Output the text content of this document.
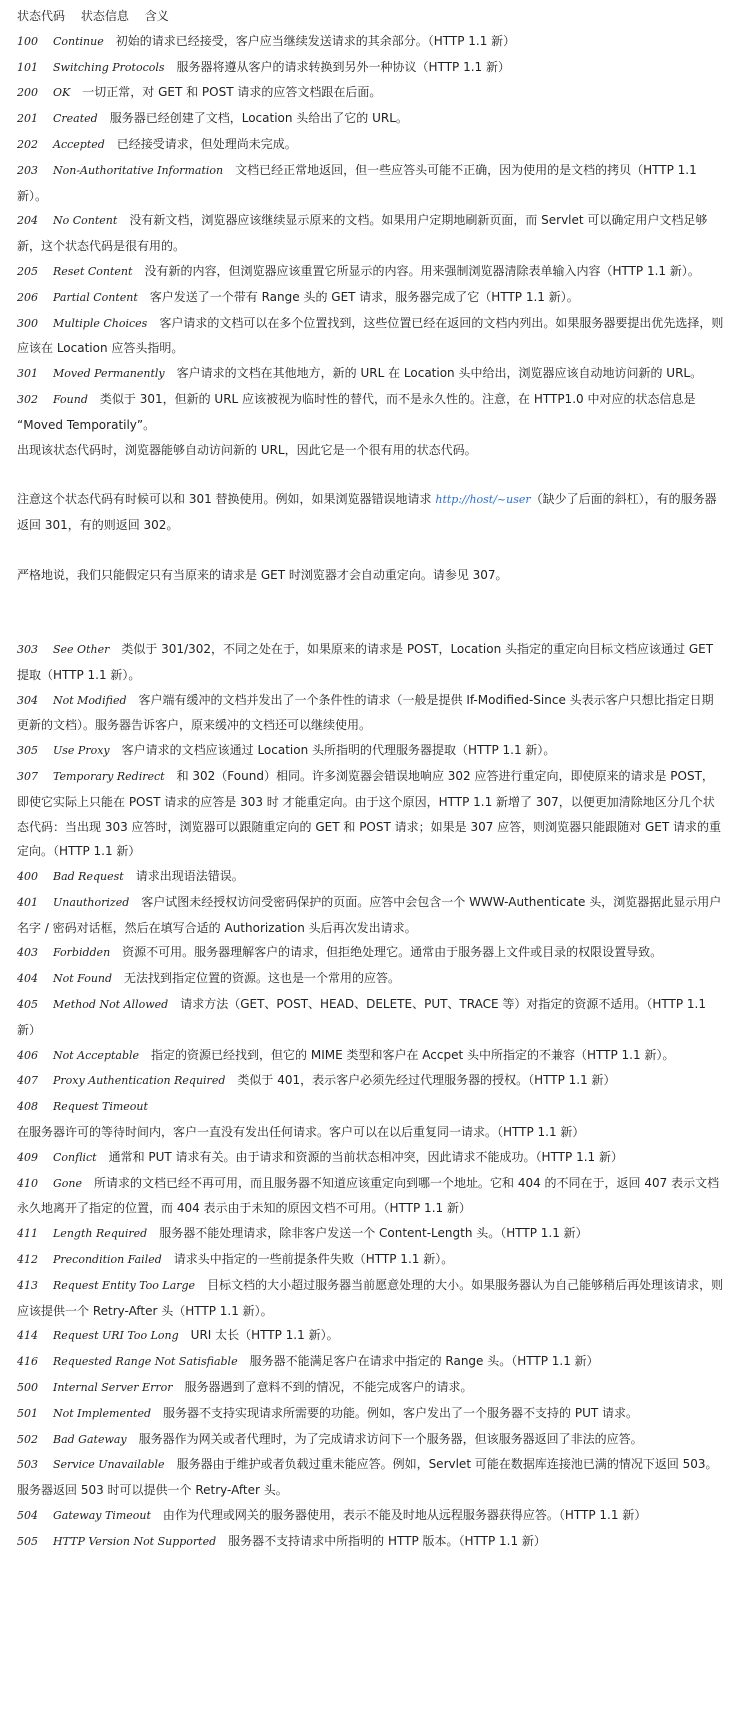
状态代码 状态信息 含义

100 Continue 初始的请求已经接受，客户应当继续发送请求的其余部分。（HTTP 1.1 新）

101 Switching Protocols 服务器将遵从客户的请求转换到另外一种协议（HTTP 1.1 新）

200 OK 一切正常，对 GET 和 POST 请求的应答文档跟在后面。

201 Created 服务器已经创建了文档，Location 头给出了它的 URL。

202 Accepted 已经接受请求，但处理尚未完成。

203 Non-Authoritative Information 文档已经正常地返回，但一些应答头可能不正确，因为使用的是文档的拷贝（HTTP 1.1 新）。

204 No Content 没有新文档，浏览器应该继续显示原来的文档。如果用户定期地刷新页面，而 Servlet 可以确定用户文档足够新，这个状态代码是很有用的。

205 Reset Content 没有新的内容，但浏览器应该重置它所显示的内容。用来强制浏览器清除表单输入内容（HTTP 1.1 新）。

206 Partial Content 客户发送了一个带有 Range 头的 GET 请求，服务器完成了它（HTTP 1.1 新）。

300 Multiple Choices 客户请求的文档可以在多个位置找到，这些位置已经在返回的文档内列出。如果服务器要提出优先选择，则应该在 Location 应答头指明。

301 Moved Permanently 客户请求的文档在其他地方，新的 URL 在 Location 头中给出，浏览器应该自动地访问新的 URL。

302 Found 类似于 301，但新的 URL 应该被视为临时性的替代，而不是永久性的。注意，在 HTTP1.0 中对应的状态信息是 “Moved Temporatily”。

出现该状态代码时，浏览器能够自动访问新的 URL，因此它是一个很有用的状态代码。

注意这个状态代码有时候可以和 301 替换使用。例如，如果浏览器错误地请求 http://host/~user（缺少了后面的斜杠），有的服务器返回 301，有的则返回 302。

严格地说，我们只能假定只有当原来的请求是 GET 时浏览器才会自动重定向。请参见 307。

303 See Other 类似于 301/302，不同之处在于，如果原来的请求是 POST，Location 头指定的重定向目标文档应该通过 GET 提取（HTTP 1.1 新）。

304 Not Modified 客户端有缓冲的文档并发出了一个条件性的请求（一般是提供 If-Modified-Since 头表示客户只想比指定日期更新的文档）。服务器告诉客户，原来缓冲的文档还可以继续使用。

305 Use Proxy 客户请求的文档应该通过 Location 头所指明的代理服务器提取（HTTP 1.1 新）。

307 Temporary Redirect 和 302（Found）相同。许多浏览器会错误地响应 302 应答进行重定向，即使原来的请求是 POST，即使它实际上只能在 POST 请求的应答是 303 时 才能重定向。由于这个原因，HTTP 1.1 新增了 307，以便更加清除地区分几个状态代码：当出现 303 应答时，浏览器可以跟随重定向的 GET 和 POST 请求；如果是 307 应答，则浏览器只能跟随对 GET 请求的重定向。（HTTP 1.1 新）

400 Bad Request 请求出现语法错误。

401 Unauthorized 客户试图未经授权访问受密码保护的页面。应答中会包含一个 WWW-Authenticate 头，浏览器据此显示用户名字 / 密码对话框，然后在填写合适的 Authorization 头后再次发出请求。

403 Forbidden 资源不可用。服务器理解客户的请求，但拒绝处理它。通常由于服务器上文件或目录的权限设置导致。

404 Not Found 无法找到指定位置的资源。这也是一个常用的应答。

405 Method Not Allowed 请求方法（GET、POST、HEAD、DELETE、PUT、TRACE 等）对指定的资源不适用。（HTTP 1.1 新）

406 Not Acceptable 指定的资源已经找到，但它的 MIME 类型和客户在 Accpet 头中所指定的不兼容（HTTP 1.1 新）。

407 Proxy Authentication Required 类似于 401，表示客户必须先经过代理服务器的授权。（HTTP 1.1 新）

408 Request Timeout在服务器许可的等待时间内，客户一直没有发出任何请求。客户可以在以后重复同一请求。（HTTP 1.1 新）

409 Conflict 通常和 PUT 请求有关。由于请求和资源的当前状态相冲突，因此请求不能成功。（HTTP 1.1 新）

410 Gone 所请求的文档已经不再可用，而且服务器不知道应该重定向到哪一个地址。它和 404 的不同在于，返回 407 表示文档永久地离开了指定的位置，而 404 表示由于未知的原因文档不可用。（HTTP 1.1 新）

411 Length Required 服务器不能处理请求，除非客户发送一个 Content-Length 头。（HTTP 1.1 新）

412 Precondition Failed 请求头中指定的一些前提条件失败（HTTP 1.1 新）。

413 Request Entity Too Large 目标文档的大小超过服务器当前愿意处理的大小。如果服务器认为自己能够稍后再处理该请求，则应该提供一个 Retry-After 头（HTTP 1.1 新）。

414 Request URI Too Long URI 太长（HTTP 1.1 新）。

416 Requested Range Not Satisfiable 服务器不能满足客户在请求中指定的 Range 头。（HTTP 1.1 新）

500 Internal Server Error 服务器遇到了意料不到的情况，不能完成客户的请求。

501 Not Implemented 服务器不支持实现请求所需要的功能。例如，客户发出了一个服务器不支持的 PUT 请求。

502 Bad Gateway 服务器作为网关或者代理时，为了完成请求访问下一个服务器，但该服务器返回了非法的应答。

503 Service Unavailable 服务器由于维护或者负载过重未能应答。例如，Servlet 可能在数据库连接池已满的情况下返回 503。服务器返回 503 时可以提供一个 Retry-After 头。

504 Gateway Timeout 由作为代理或网关的服务器使用，表示不能及时地从远程服务器获得应答。（HTTP 1.1 新）

505 HTTP Version Not Supported 服务器不支持请求中所指明的 HTTP 版本。（HTTP 1.1 新）
